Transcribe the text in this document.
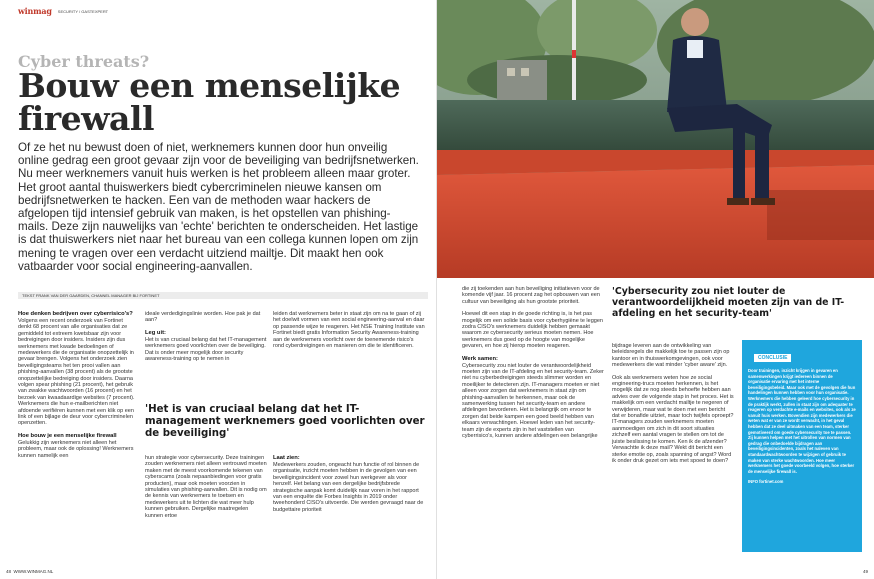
winmag SECURITY / GASTEXPERT
Cyber threats?
Bouw een menselijke firewall
Of ze het nu bewust doen of niet, werknemers kunnen door hun onveilig online gedrag een groot gevaar zijn voor de beveiliging van bedrijfsnetwerken. Nu meer werknemers vanuit huis werken is het probleem alleen maar groter. Het groot aantal thuiswerkers biedt cybercriminelen nieuwe kansen om bedrijfsnetwerken te hacken. Een van de methoden waar hackers de afgelopen tijd intensief gebruik van maken, is het opstellen van phishing-mails. Deze zijn nauwelijks van 'echte' berichten te onderscheiden. Het lastige is dat thuiswerkers niet naar het bureau van een collega kunnen lopen om zijn mening te vragen over een verdacht uitziend mailtje. Dit maakt hen ook vatbaarder voor social engineering-aanvallen.
TEKST FRANK VAN DER GAARDEN, CHANNEL MANAGER BIJ FORTINET
Hoe denken bedrijven over cyberrisico's?

Volgens een recent onderzoek van Fortinet denkt 68 procent van alle organisaties dat ze gemiddeld tot extreem kwetsbaar zijn voor bedreigingen door insiders. Insiders zijn dus werknemers met kwade bedoelingen of medewerkers die de organisatie onopzettelijk in gevaar brengen. Volgens het onderzoek zien beveiligingsteams het ten prooi vallen aan phishing-aanvallen (38 procent) als de grootste onopzettelijke bedreiging door insiders. Daarna volgen spear phishing (21 procent), het gebruik van zwakke wachtwoorden (16 procent) en het bezoek van kwaadaardige websites (7 procent). Werknemers die hun e-mailberichten niet afdoende verifiëren kunnen met een klik op een link of een bijlage de deur voor cybercriminelen openzetten.

Hoe bouw je een menselijke firewall

Gelukkig zijn werknemers niet alleen het probleem, maar ook de oplossing! Werknemers kunnen namelijk een

ideale verdedigingslinie worden. Hoe pak je dat aan?

Leg uit:

Het is van cruciaal belang dat het IT-management werknemers goed voorlichten over de beveiliging. Dat is onder meer mogelijk door security awareness-training op te nemen in

leiden dat werknemers beter in staat zijn om na te gaan of zij het doelwit vormen van een social engineering-aanval en daar op passende wijze te reageren. Het NSE Training Institute van Fortinet biedt gratis Information Security Awareness-training aan de werknemers voorlicht over de toenemende risico's rond cyberdreigingen en manieren om die te identificeren.

'Het is van cruciaal belang dat het IT-management werknemers goed voorlichten over de beveiliging'

hun strategie voor cybersecurity. Deze trainingen zouden werknemers niet alleen vertrouwd moeten maken met de meest voorkomende tekenen van cyberscams (zoals nepaanbiedingen voor gratis producten), maar ook moeten voorzien in simulaties van phishing-aanvallen. Dit is nodig om de kennis van werknemers te toetsen en medewerkers uit te lichten die wat meer hulp kunnen gebruiken. Dergelijke maatregelen kunnen ertoe

Laat zien:

Medewerkers zouden, ongeacht hun functie of rol binnen de organisatie, inzicht moeten hebben in de gevolgen van een beveiligingsincident voor zowel hun werkgever als voor henzelf. Het belang van een dergelijke bedrijfsbrede strategische aanpak komt duidelijk naar voren in het rapport van een enquête die Forbes Insights in 2019 onder tweehonderd CISO's uitvoerde. Die werden gevraagd naar de budgettaire prioriteit

48 WWW.WINMAG.NL

die zij toekenden aan hun beveiliging initiatieven voor de komende vijf jaar. 16 procent zag het opbouwen van een cultuur van beveiliging als hun grootste prioriteit.

Hoewel dit een stap in de goede richting is, is het pas mogelijk om een solide basis voor cyberhygiëne te leggen zodra CISO's werknemers duidelijk hebben gemaakt waarom ze cybersecurity serieus moeten nemen. Hoe werknemers dus goed op de hoogte van mogelijke gevaren, en hoe zij hierop moeten reageren.

Werk samen:

Cybersecurity zou niet louter de verantwoordelijkheid moeten zijn van de IT-afdeling en het security-team. Zeker niet nu cyberbedreigingen steeds slimmer worden en moeilijker te detecteren zijn. IT-managers moeten er niet alleen voor zorgen dat werknemers in staat zijn om phishing-aanvallen te herkennen, maar ook de samenwerking tussen het security-team en andere afdelingen bevorderen. Het is belangrijk om ervoor te zorgen dat beide kampen een goed beeld hebben van elkaars verwachtingen. Hoewel leden van het security-team zijn de experts zijn in het vaststellen van cyberrisico's, kunnen andere afdelingen een belangrijke

'Cybersecurity zou niet louter de verantwoordelijkheid moeten zijn van de IT-afdeling en het security-team'

bijdrage leveren aan de ontwikkeling van beleidsregels die makkelijk toe te passen zijn op kantoor en in thuiswerkomgevingen, ook voor medewerkers die wat minder 'cyber aware' zijn.

Ook als werknemers weten hoe ze social engineering-trucs moeten herkennen, is het mogelijk dat ze nog steeds behoefte hebben aan advies over de volgende stap in het proces. Het is makkelijk om een verdacht mailtje te negeren of verwijderen, maar wat te doen met een bericht dat er bonafide uitziet, maar toch twijfels oproept? IT-managers zouden werknemers moeten aanmoedigen om zich in dit soort situaties zichzelf een aantal vragen te stellen om tot de juiste beslissing te komen. Ken ik de afzender? Verwachtte ik deze mail? Wekt dit bericht een sterke emotie op, zoals spanning of angst? Word ik onder druk gezet om iets met spoed te doen?

CONCLUSIE
Door trainingen, inzicht krijgen in gevaren en samenwerkingen krijgt iedereen binnen de organisatie ervaring met het interne beveiligingsbeleid. Maar ook met de gevolgen die hun handelingen kunnen hebben voor hun organisatie. Werknemers die hebben geleerd hoe cybersecurity in de praktijk werkt, zullen in staat zijn om adequater te reageren op verdachte e-mails en websites, ook als ze vanuit huis werken. Bovendien zijn medewerkers die weten wat er van ze wordt verwacht, in het geval hebben dat ze deel uitmaken van een team, sterker gemotiveerd om goede cybersecurity toe te passen. Zij kunnen helpen met het uitrollen van normen van gedrag die onbedoelde bijdragen aan beveiligingsincidenten, zoals het naleven van standaardwachtwoorden te wijzigen of gebruik te maken van sterke wachtwoorden. Hoe meer werknemers het goede voorbeeld volgen, hoe sterker de menselijke firewall is.
INFO fortinet.com
49
